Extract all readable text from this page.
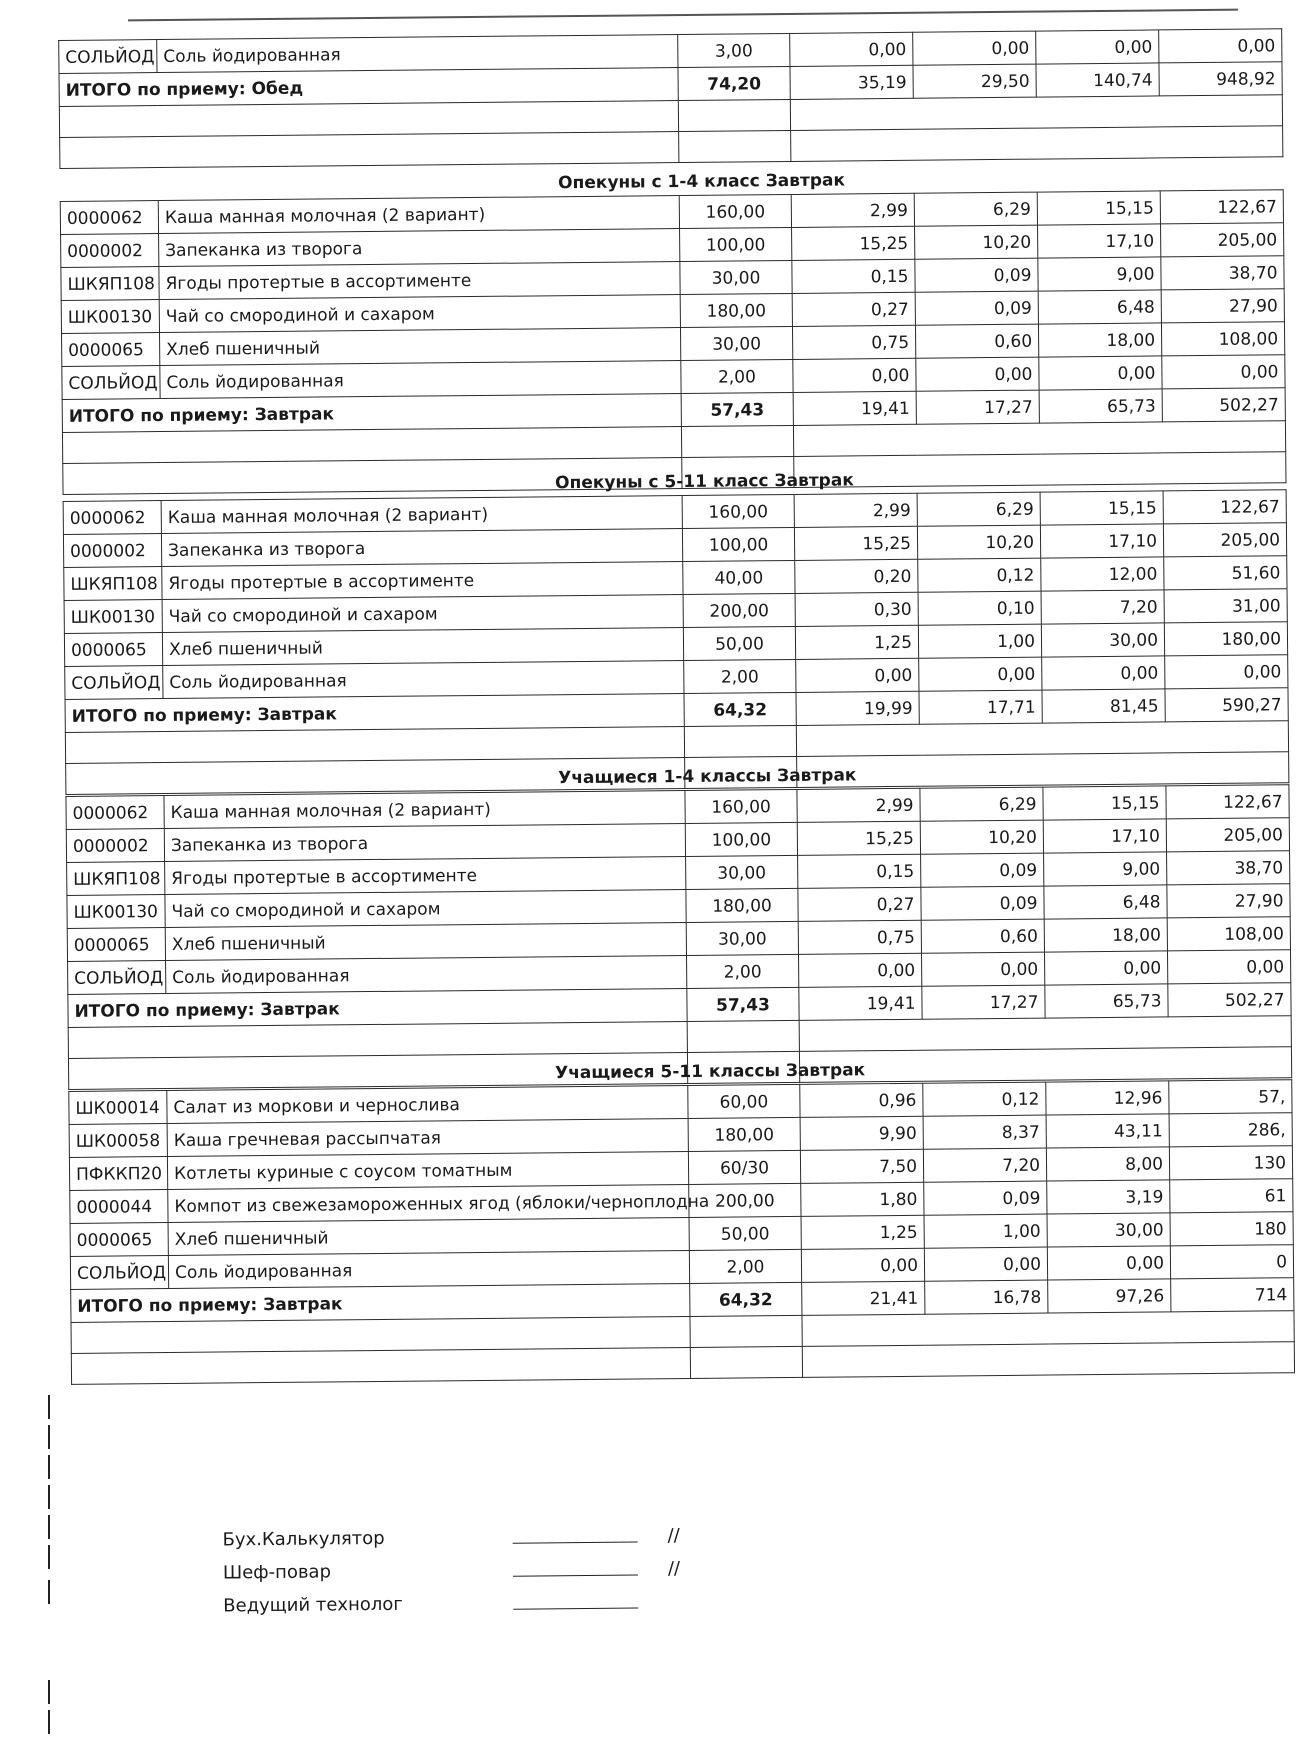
СОЛЬЙОД	Соль йодированная	3,00	0,00	0,00	0,00	0,00
ИТОГО по приему: Обед		74,20	35,19	29,50	140,74	948,92

Опекуны с 1-4 класс Завтрак
0000062	Каша манная молочная (2 вариант)	160,00	2,99	6,29	15,15	122,67
0000002	Запеканка из творога	100,00	15,25	10,20	17,10	205,00
ШКЯП108	Ягоды протертые в ассортименте	30,00	0,15	0,09	9,00	38,70
ШК00130	Чай со смородиной и сахаром	180,00	0,27	0,09	6,48	27,90
0000065	Хлеб пшеничный	30,00	0,75	0,60	18,00	108,00
СОЛЬЙОД	Соль йодированная	2,00	0,00	0,00	0,00	0,00
ИТОГО по приему: Завтрак		57,43	19,41	17,27	65,73	502,27

Опекуны с 5-11 класс Завтрак
0000062	Каша манная молочная (2 вариант)	160,00	2,99	6,29	15,15	122,67
0000002	Запеканка из творога	100,00	15,25	10,20	17,10	205,00
ШКЯП108	Ягоды протертые в ассортименте	40,00	0,20	0,12	12,00	51,60
ШК00130	Чай со смородиной и сахаром	200,00	0,30	0,10	7,20	31,00
0000065	Хлеб пшеничный	50,00	1,25	1,00	30,00	180,00
СОЛЬЙОД	Соль йодированная	2,00	0,00	0,00	0,00	0,00
ИТОГО по приему: Завтрак		64,32	19,99	17,71	81,45	590,27

Учащиеся 1-4 классы Завтрак
0000062	Каша манная молочная (2 вариант)	160,00	2,99	6,29	15,15	122,67
0000002	Запеканка из творога	100,00	15,25	10,20	17,10	205,00
ШКЯП108	Ягоды протертые в ассортименте	30,00	0,15	0,09	9,00	38,70
ШК00130	Чай со смородиной и сахаром	180,00	0,27	0,09	6,48	27,90
0000065	Хлеб пшеничный	30,00	0,75	0,60	18,00	108,00
СОЛЬЙОД	Соль йодированная	2,00	0,00	0,00	0,00	0,00
ИТОГО по приему: Завтрак		57,43	19,41	17,27	65,73	502,27

Учащиеся 5-11 классы Завтрак
ШК00014	Салат из моркови и чернослива	60,00	0,96	0,12	12,96	57,
ШК00058	Каша гречневая рассыпчатая	180,00	9,90	8,37	43,11	286,
ПФККП20	Котлеты куриные с соусом томатным	60/30	7,50	7,20	8,00	130
0000044	Компот из свежезамороженных ягод (яблоки/черноплодна	200,00	1,80	0,09	3,19	61
0000065	Хлеб пшеничный	50,00	1,25	1,00	30,00	180
СОЛЬЙОД	Соль йодированная	2,00	0,00	0,00	0,00	0
ИТОГО по приему: Завтрак		64,32	21,41	16,78	97,26	714

Бух.Калькулятор	//
Шеф-повар	//
Ведущий технолог
